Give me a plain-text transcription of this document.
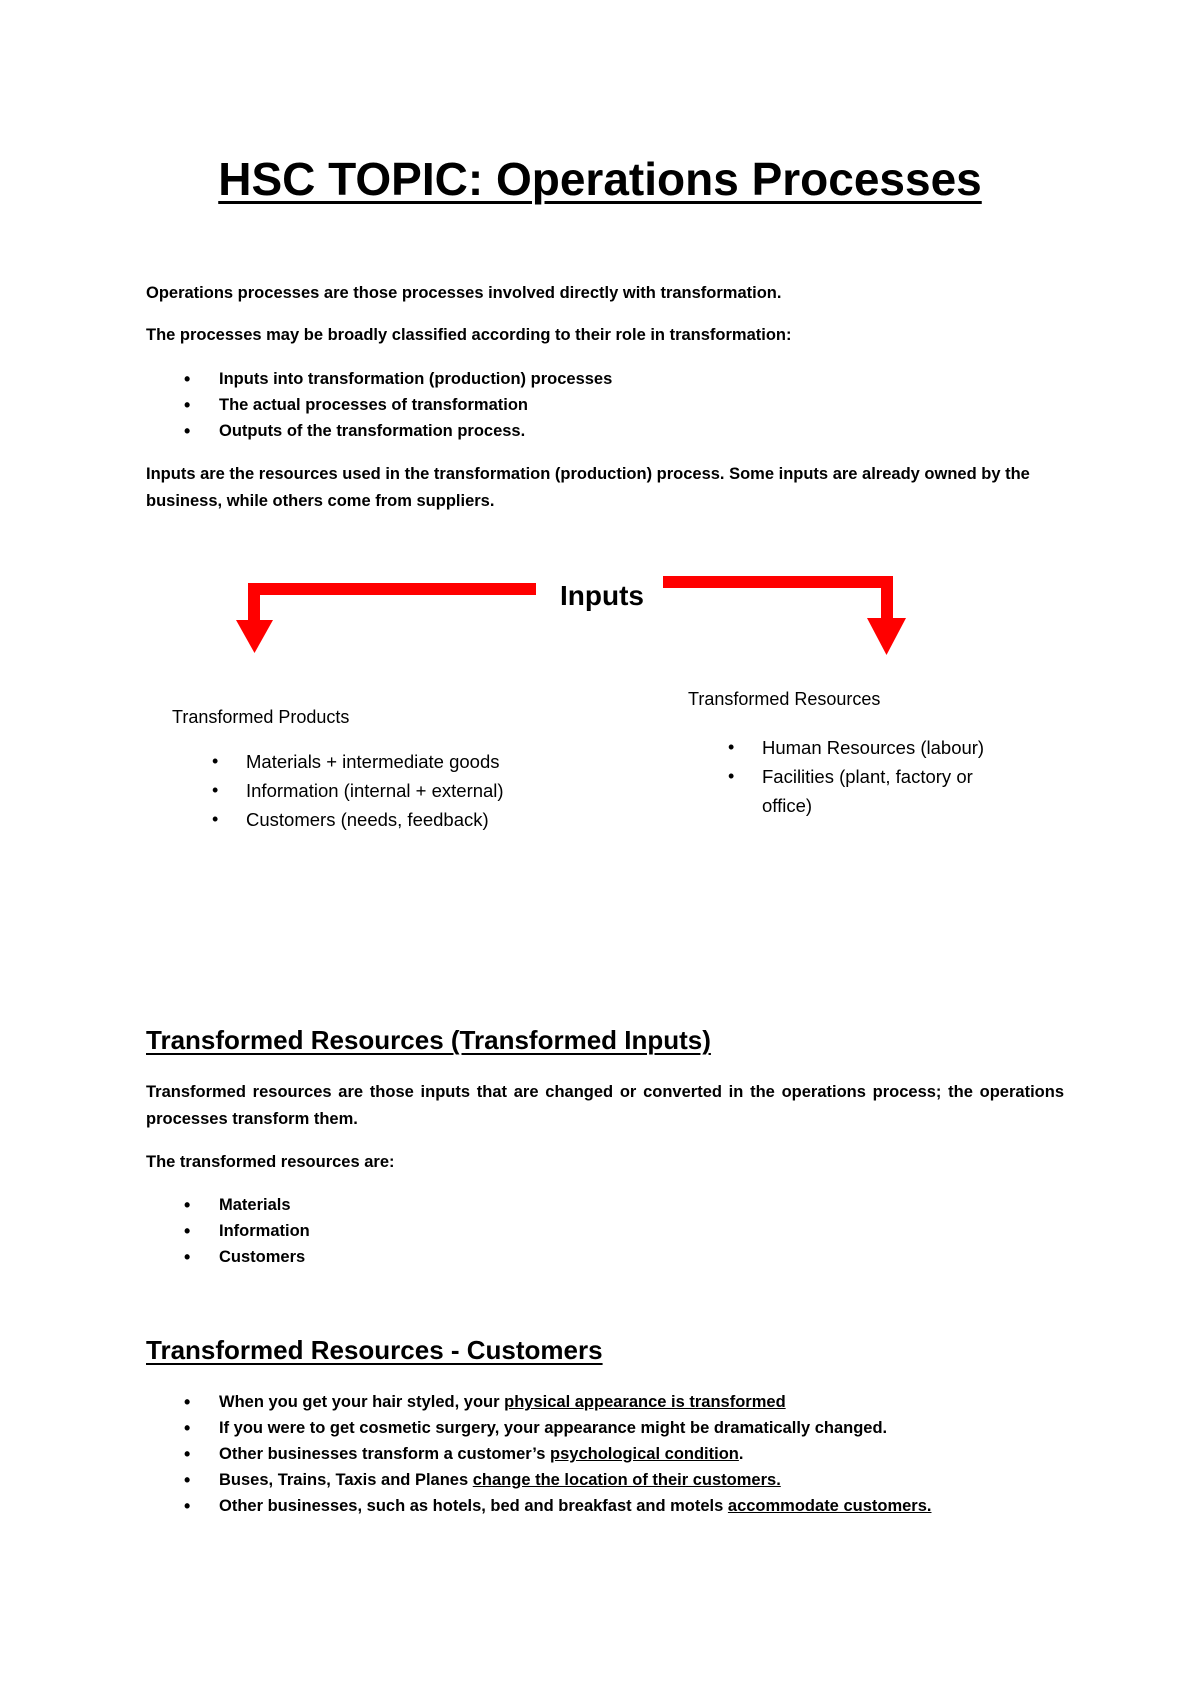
HSC TOPIC: Operations Processes

Operations processes are those processes involved directly with transformation.

The processes may be broadly classified according to their role in transformation:

• Inputs into transformation (production) processes
• The actual processes of transformation
• Outputs of the transformation process.

Inputs are the resources used in the transformation (production) process. Some inputs are already owned by the business, while others come from suppliers.

Inputs

Transformed Products

• Materials + intermediate goods
• Information (internal + external)
• Customers (needs, feedback)

Transformed Resources

• Human Resources (labour)
• Facilities (plant, factory or office)
Transformed Resources (Transformed Inputs)

Transformed resources are those inputs that are changed or converted in the operations process; the operations processes transform them.

The transformed resources are:

• Materials
• Information
• Customers
Transformed Resources - Customers
• When you get your hair styled, your physical appearance is transformed
• If you were to get cosmetic surgery, your appearance might be dramatically changed.
• Other businesses transform a customer’s psychological condition.
• Buses, Trains, Taxis and Planes change the location of their customers.
• Other businesses, such as hotels, bed and breakfast and motels accommodate customers.
